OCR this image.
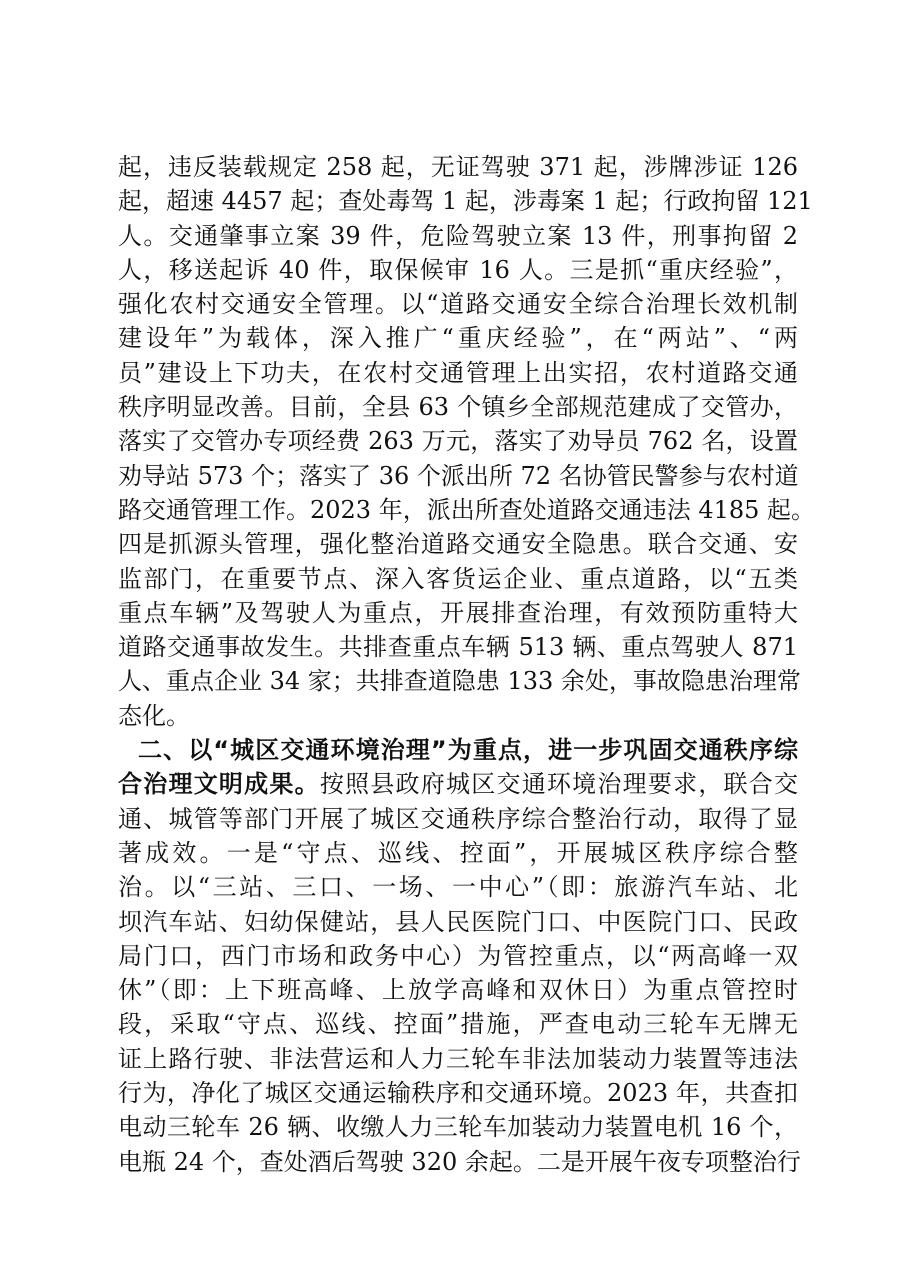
起，违反装载规定 258 起，无证驾驶 371 起，涉牌涉证 126
起，超速 4457 起；查处毒驾 1 起，涉毒案 1 起；行政拘留 121
人。交通肇事立案 39 件，危险驾驶立案 13 件，刑事拘留 2
人，移送起诉 40 件，取保候审 16 人。三是抓“重庆经验”，
强化农村交通安全管理。以“道路交通安全综合治理长效机制
建设年”为载体，深入推广“重庆经验”，在“两站”、“两
员”建设上下功夫，在农村交通管理上出实招，农村道路交通
秩序明显改善。目前，全县 63 个镇乡全部规范建成了交管办，
落实了交管办专项经费 263 万元，落实了劝导员 762 名，设置
劝导站 573 个；落实了 36 个派出所 72 名协管民警参与农村道
路交通管理工作。2023 年，派出所查处道路交通违法 4185 起。
四是抓源头管理，强化整治道路交通安全隐患。联合交通、安
监部门，在重要节点、深入客货运企业、重点道路，以“五类
重点车辆”及驾驶人为重点，开展排查治理，有效预防重特大
道路交通事故发生。共排查重点车辆 513 辆、重点驾驶人 871
人、重点企业 34 家；共排查道隐患 133 余处，事故隐患治理常
态化。
二、以“城区交通环境治理”为重点，进一步巩固交通秩序综
合治理文明成果。按照县政府城区交通环境治理要求，联合交
通、城管等部门开展了城区交通秩序综合整治行动，取得了显
著成效。一是“守点、巡线、控面”，开展城区秩序综合整
治。以“三站、三口、一场、一中心”（即：旅游汽车站、北
坝汽车站、妇幼保健站，县人民医院门口、中医院门口、民政
局门口，西门市场和政务中心）为管控重点，以“两高峰一双
休”（即：上下班高峰、上放学高峰和双休日）为重点管控时
段，采取“守点、巡线、控面”措施，严查电动三轮车无牌无
证上路行驶、非法营运和人力三轮车非法加装动力装置等违法
行为，净化了城区交通运输秩序和交通环境。2023 年，共查扣
电动三轮车 26 辆、收缴人力三轮车加装动力装置电机 16 个，
电瓶 24 个，查处酒后驾驶 320 余起。二是开展午夜专项整治行
